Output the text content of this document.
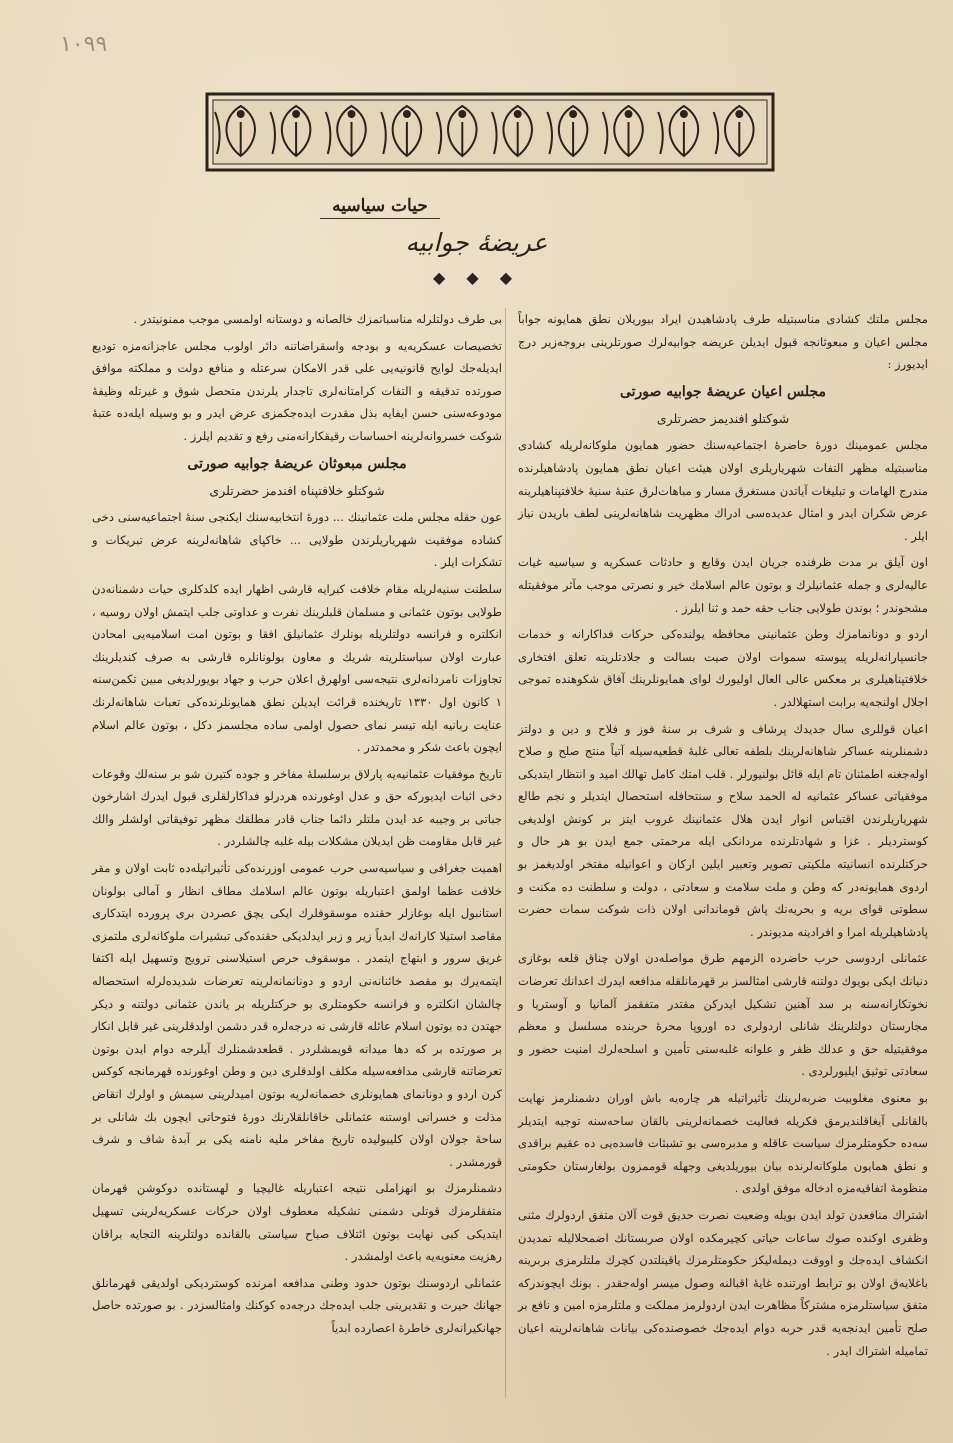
١٠٩٩
حیات سیاسیه
عریضهٔ جوابیه
◆ ◆ ◆

مجلس ملتك کشادی مناسبتیله طرف پادشاهیدن ایراد بیوریلان نطق همایونه جواباً مجلس اعیان و مبعوثانجه قبول ایدیلن عریضه جوابیه‌لرك صورتلرینی بروجه‌زیر درج ایدیورز :

مجلس اعیان عریضهٔ جوابیه صورتی
شوکتلو افندیمز حضرتلری

مجلس عمومینك دورهٔ حاضرهٔ اجتماعیه‌سنك حضور همایون ملوکانه‌لریله کشادی مناسبتیله مظهر التفات شهریاریلری اولان هیئت اعیان نطق همایون پادشاهیلرنده مندرج الهامات و تبلیغات آیاتدن مستغرق مسار و مباهات‌لرق عتبهٔ سنیهٔ خلافتپناهیلرینه عرض شکران ایدر و امثال عدیده‌سی ادراك مظهریت شاهانه‌لرینی لطف باریدن نیاز ایلر .

اون آیلق بر مدت ظرفنده جریان ایدن وقایع و حادثات عسکریه و سیاسیه غیات عالیه‌لری و جمله عثمانیلرك و بوتون عالم اسلامك خیر و نصرتی موجب مآثر موفقیتله مشحوندر ؛ بوندن طولایی جناب حقه حمد و ثنا ایلرز .

اردو و دونانمامزك وطن عثمانینی محافظه یولنده‌کی حرکات فداکارانه و خدمات جانسپارانه‌لریله پیوسته سموات اولان صیت بسالت و جلادتلرینه تعلق افتخاری خلافتپناهیلری بر معکس عالی العال اولیورك لوای همایونلرینك آفاق شکوهنده تموجی اجلال اولنجه‌یه برابت استهلالدر .

اعیان قوللری سال جدیدك پرشاف و شرف بر سنهٔ فوز و فلاح و دین و دولتز دشمنلرینه عساکر شاهانه‌لرینك بلطفه تعالی غلبهٔ قطعیه‌سیله آتیاً منتج صلح و صلاح اوله‌جغنه اطمئنان تام ایله قائل بولنیورلر . قلب امتك کامل تهالك امید و انتظار ایتدیکی موفقیاتی عساکر عثمانیه له الحمد سلاح و سنتحافله استحصال ایتدیلر و نجم طالع شهریاریلرندن اقتباس انوار ایدن هلال عثمانینك غروب ایتز بر کونش اولدیغی کوستردیلر . غزا و شهادتلرنده مردانکی ایله مرحمتی جمع ایدن بو هر حال و حرکتلرنده انسانیته ملکیتی تصویر وتعبیر ایلین ارکان و اعوانیله مفتخر اولدیغمز بو اردوی همایونه‌در که وطن و ملت سلامت و سعادتی ، دولت و سلطنت ده مکنت و سطوتی قوای بریه و بحریه‌نك پاش قوماندانی اولان ذات شوکت سمات حضرت پادشاهیلریله امرا و افرادینه مدیوندر .

عثمانلی اردوسی حرب حاضرده الزمهم طرق مواصله‌دن اولان چناق قلعه بوغازی دنیانك ایکی بویوك دولتنه قارشی امثالسز بر قهرمانلقله مدافعه ایدرك اعدانك تعرضات نخوتکارانه‌سنه بر سد آهنین تشکیل ایدرکن مقتدر متفقمز آلمانیا و آوستریا و مجارستان دولتلرینك شانلی اردولری ده اوروپا محرهٔ حربنده مسلسل و معظم موفقیتیله حق و عدلك ظفر و علوانه غلبه‌سنی تأمین و اسلحه‌لرك امنیت حضور و سعادتی توثیق ایلیورلردی .

بو معنوی مغلوبیت ضربه‌لرینك تأثیراتیله هر چاره‌یه باش اوران دشمنلرمز نهایت بالقانلی آیغاقلندیرمق فکریله فعالیت خصمانه‌لرینی بالقان ساحه‌سنه توجیه ایتدیلر سه‌ده حکومتلرمزك سیاست عاقله و مدبره‌سی بو تشبثات فاسده‌یی ده عقیم براقدی و نطق همایون ملوکانه‌لرنده بیان بیوریلدیغی وجهله قوممزون بولغارستان حکومتی منظومهٔ اتفاقیه‌مزه ادخاله موفق اولدی .

اشتراك منافعدن تولد ایدن بویله وضعیت نصرت حدیق قوت آلان متفق اردولرك مثنی وظفری اوکنده صوك ساعات حیاتی کچیرمکده اولان صربستانك اضمحلالیله تمدیدن انکشاف ایده‌جك و اووقت دیمله‌لیکز حکومتلرمزك یاقینلتدن کچرك ملتلرمزی بربرینه باغلایه‌ق اولان بو ترابط اورتنده غایهٔ اقبالنه وصول میسر اوله‌جقدر . بونك ایچوندرکه متفق سیاستلرمزه مشترکاً مظاهرت ایدن اردولرمز مملکت و ملتلرمزه امین و نافع بر صلح تأمین ایدنجه‌یه قدر حربه دوام ایده‌جك خصوصنده‌کی بیانات شاهانه‌لرینه اعیان تمامیله اشتراك ایدر .

بی طرف دولتلرله مناسباتمزك خالصانه و دوستانه اولمسی موجب ممنونیتدر .

تخصیصات عسکریه‌یه و بودجه واسقراضاتنه دائر اولوب مجلس عاجزانه‌مزه تودیع ایدیله‌جك لوایح قانونیه‌یی علی قدر الامکان سرعتله و منافع دولت و مملکته موافق صورتده تدقیقه و التفات کرامتانه‌لری تاجدار یلرندن متحصل شوق و غیرتله وظیفهٔ مودوعه‌سنی حسن ایفایه بذل مقدرت ایده‌جکمزی عرض ایدر و بو وسیله ایله‌ده عتبهٔ شوکت خسروانه‌لرینه احساسات رقیقکارانه‌منی رفع و تقدیم ایلرز .

مجلس مبعوثان عریضهٔ جوابیه صورتی
شوکتلو خلافتپناه افندمز حضرتلری

عون حقله مجلس ملت عثمانینك ... دورهٔ انتخابیه‌سنك ایکنجی سنهٔ اجتماعیه‌سنی دخی کشاده موفقیت شهریاریلرندن طولایی ... خاکپای شاهانه‌لرینه عرض تبریکات و تشکرات ایلر .

سلطنت سنیه‌لریله مقام خلافت کبرایه قارشی اظهار ایده کلدکلری حیات دشمنانه‌دن طولایی بوتون عثمانی و مسلمان قلبلرینك نفرت و عداوتی جلب ایتمش اولان روسیه ، انکلتره و فرانسه دولتلریله بونلرك عثمانیلق افقا و بوتون امت اسلامیه‌یی امحادن عبارت اولان سیاستلرینه شریك و معاون بولونانلره قارشی به صرف کندیلرینك تجاوزات نامردانه‌لری نتیجه‌سی اولهرق اعلان حرب و جهاد بویورلدیغی مبین تکمن‌سنه ۱ کانون اول ۱۳۳۰ تاریخنده قرائت ایدیلن نطق همایونلرنده‌کی تعبات شاهانه‌لرنك عنایت ربانیه ایله تیسر نمای حصول اولمی ساده مجلسمز دکل ، بوتون عالم اسلام ایچون باعث شکر و محمدتدر .

تاریخ موفقیات عثمانیه‌یه پارلاق برسلسلهٔ مفاخر و جوده کتیرن شو بر سنه‌لك وقوعات دخی اثبات ایدیورکه حق و عدل اوغورنده هردرلو فداکارلقلری قبول ایدرك اشارخون جباتی بر وجیبه عد ایدن ملتلر دائما جناب قادر مطلقك مظهر توفیقاتی اولشلر والك غیر قابل مقاومت ظن ایدیلان مشکلات بیله غلبه چالشلردر .

اهمیت جغرافی و سیاسیه‌سی حرب عمومی اوزرنده‌کی تأثیراتیله‌ده ثابت اولان و مقر خلافت عظما اولمق اعتباریله بوتون عالم اسلامك مطاف انظار و آمالی بولونان استانبول ایله بوغازلر حقنده موسقوفلرك ایکی یچق عصردن بری پرورده ایتدکاری مقاصد استیلا کارانه‌ك ابدیاً زیر و زبر ایدلدیکی حقنده‌کی تبشیرات ملوکانه‌لری ملتمزی غریق سرور و ابتهاج ایتمدر . موسقوف حرص استیلاسنی ترویج وتسهیل ایله اکتفا ایتمه‌یرك بو مقصد خائنانه‌نی اردو و دونانمانه‌لرینه تعرضات شدیده‌لرله استحصاله چالشان انکلتره و فرانسه حکومتلری بو حرکتلریله بر یاندن عثمانی دولتنه و دیکر جهتدن ده بوتون اسلام عائله قارشی نه درجه‌لره قدر دشمن اولدقلرینی غیر قابل انکار بر صورتده بر که دها میدانه قویمشلردر . قطعدشمنلرك آیلرجه دوام ایدن بوتون تعرضاتنه قارشی مدافعه‌سیله مکلف اولدقلری دین و وطن اوغورنده قهرمانجه کوکس کرن اردو و دونانمای همایونلری خصمانه‌لریه بوتون امیدلرینی سیمش و اولرك انقاض مذلت و خسرانی اوستنه عثمانلی خاقانلقلارنك دورهٔ فتوحاتی ایچون بك شانلی بر ساحهٔ جولان اولان کلیبولیده تاریخ مفاخر ملیه نامنه یکی بر آبدهٔ شاف و شرف قورمشدر .

دشمنلرمزك بو انهزاملی نتیجه اعتباریله غالیچیا و لهستانده دوکوشن قهرمان متفقلرمزك قوتلی دشمنی تشکیله معطوف اولان حرکات عسکریه‌لرینی تسهیل ایتدیکی کبی نهایت بوتون ائتلاف صباح سیاستی بالقانده دولتلرینه التجایه براقان رهزیت معنویه‌یه باعث اولمشدر .

عثمانلی اردوسنك بوتون حدود وطنی مدافعه امرنده کوستردیکی اولدیقی قهرمانلق جهانك حیرت و تقدیرینی جلب ایده‌جك درجه‌ده کوکنك وامثالسزدر . بو صورتده حاصل جهانکیرانه‌لری خاطرهٔ اعصارده ابدیاً
